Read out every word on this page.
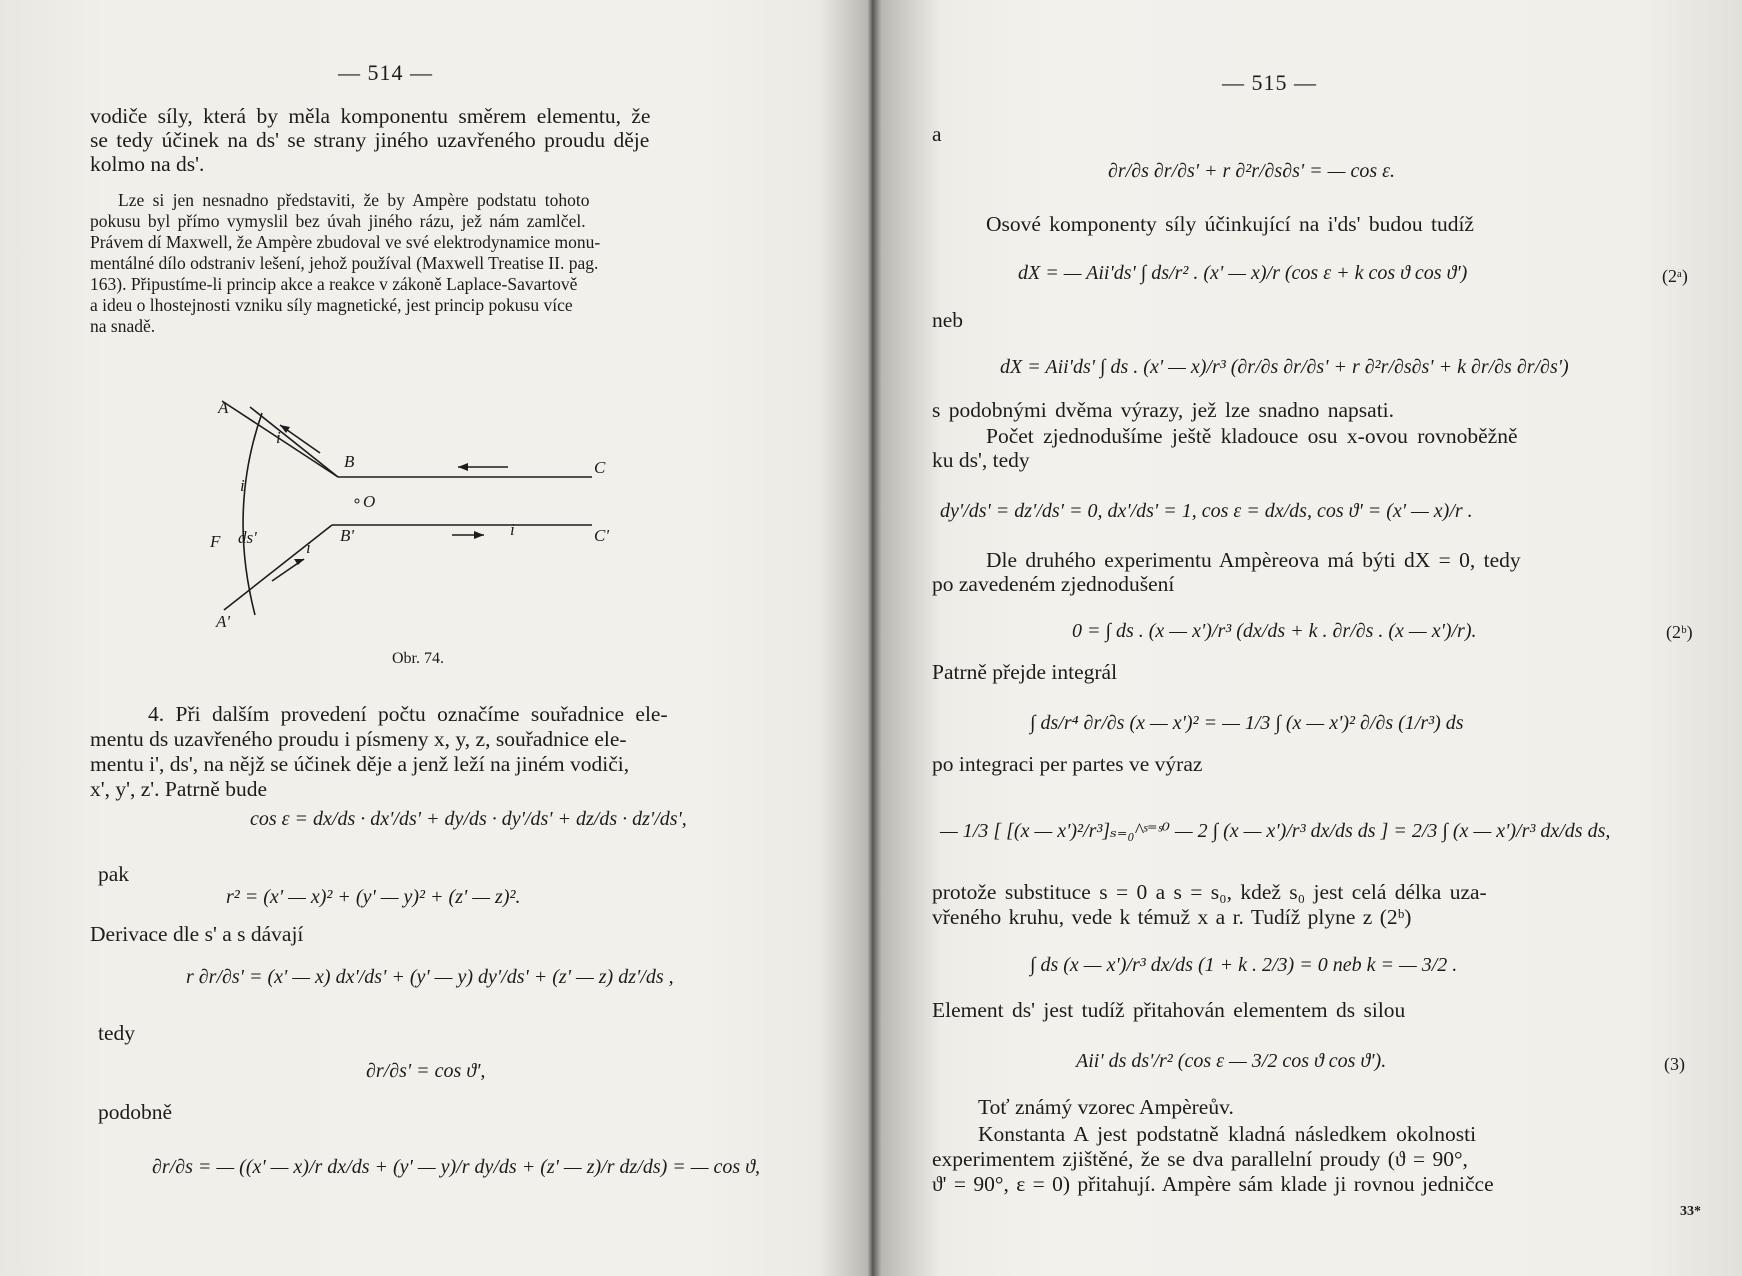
— 514 —
vodiče síly, která by měla komponentu směrem elementu, že
se tedy účinek na ds' se strany jiného uzavřeného proudu děje
kolmo na ds'.
Lze si jen nesnadno představiti, že by Ampère podstatu tohoto
pokusu byl přímo vymyslil bez úvah jiného rázu, jež nám zamlčel.
Právem dí Maxwell, že Ampère zbudoval ve své elektrodynamice monu-
mentálné dílo odstraniv lešení, jehož používal (Maxwell Treatise II. pag.
163). Připustíme-li princip akce a reakce v zákoně Laplace-Savartově
a ideu o lhostejnosti vzniku síly magnetické, jest princip pokusu více
na snadě.
A
B	C
O
B'	C'
F ds'
A'
i
i
i
i
Obr. 74.
4. Při dalším provedení počtu označíme souřadnice ele-
mentu ds uzavřeného proudu i písmeny x, y, z, souřadnice ele-
mentu i', ds', na nějž se účinek děje a jenž leží na jiném vodiči,
x', y', z'. Patrně bude
cos ε = dx/ds · dx'/ds' + dy/ds · dy'/ds' + dz/ds · dz'/ds',
pak
r² = (x' — x)² + (y' — y)² + (z' — z)².
Derivace dle s' a s dávají
r ∂r/∂s' = (x' — x) dx'/ds' + (y' — y) dy'/ds' + (z' — z) dz'/ds ,
tedy
∂r/∂s' = cos ϑ',
podobně
∂r/∂s = — ((x' — x)/r dx/ds + (y' — y)/r dy/ds + (z' — z)/r dz/ds) = — cos ϑ,
— 515 —
a
∂r/∂s ∂r/∂s' + r ∂²r/∂s∂s' = — cos ε.
Osové komponenty síly účinkující na i'ds' budou tudíž
dX = — Aii'ds' ∫ ds/r² . (x' — x)/r (cos ε + k cos ϑ cos ϑ')	(2ᵃ)
neb
dX = Aii'ds' ∫ ds . (x' — x)/r³ (∂r/∂s ∂r/∂s' + r ∂²r/∂s∂s' + k ∂r/∂s ∂r/∂s')
s podobnými dvěma výrazy, jež lze snadno napsati.
Počet zjednodušíme ještě kladouce osu x-ovou rovnoběžně
ku ds', tedy
dy'/ds' = dz'/ds' = 0, dx'/ds' = 1, cos ε = dx/ds, cos ϑ' = (x' — x)/r .
Dle druhého experimentu Ampèreova má býti dX = 0, tedy
po zavedeném zjednodušení
0 = ∫ ds . (x — x')/r³ (dx/ds + k . ∂r/∂s . (x — x')/r).	(2ᵇ)
Patrně přejde integrál
∫ ds/r⁴ ∂r/∂s (x — x')² = — 1/3 ∫ (x — x')² ∂/∂s (1/r³) ds
po integraci per partes ve výraz
— 1/3 [ [(x — x')²/r³]ₛ₌₀^ˢ⁼ˢ⁰ — 2 ∫ (x — x')/r³ dx/ds ds ] = 2/3 ∫ (x — x')/r³ dx/ds ds,
protože substituce s = 0 a s = s₀, kdež s₀ jest celá délka uza-
vřeného kruhu, vede k témuž x a r. Tudíž plyne z (2ᵇ)
∫ ds (x — x')/r³ dx/ds (1 + k . 2/3) = 0 neb k = — 3/2 .
Element ds' jest tudíž přitahován elementem ds silou
Aii' ds ds'/r² (cos ε — 3/2 cos ϑ cos ϑ').	(3)
Toť známý vzorec Ampèreův.
Konstanta A jest podstatně kladná následkem okolnosti
experimentem zjištěné, že se dva parallelní proudy (ϑ = 90°,
ϑ' = 90°, ε = 0) přitahují. Ampère sám klade ji rovnou jedničce
33*
